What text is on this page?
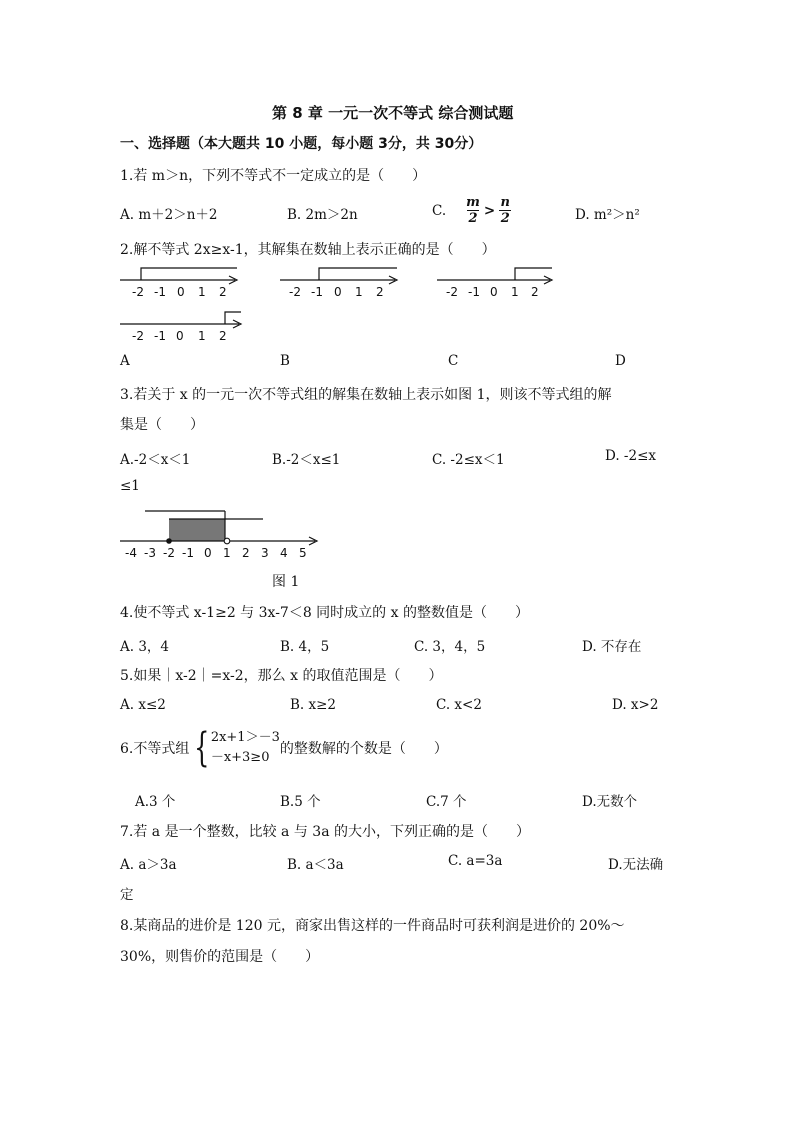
第 8 章 一元一次不等式 综合测试题
一、选择题（本大题共 10 小题，每小题 3分，共 30分）
1.若 m＞n，下列不等式不一定成立的是（　　）
A. m＋2＞n＋2	B. 2m＞2n	C. $\frac{m}{2} > \frac{n}{2}$	D. m²＞n²
2.解不等式 2x≥x-1，其解集在数轴上表示正确的是（　　）
-2 -1 0 1 2	-2 -1 0 1 2	-2 -1 0 1 2
-2 -1 0 1 2
A	B	C	D
3.若关于 x 的一元一次不等式组的解集在数轴上表示如图 1，则该不等式组的解
集是（　　）
A.-2＜x＜1	B.-2＜x≤1	C. -2≤x＜1	D. -2≤x
≤1
-4 -3 -2 -1 0 1 2 3 4 5
图 1
4.使不等式 x-1≥2 与 3x-7＜8 同时成立的 x 的整数值是（　　）
A. 3，4	B. 4，5	C. 3，4，5	D. 不存在
5.如果｜x-2｜=x-2，那么 x 的取值范围是（　　）
A. x≤2	B. x≥2	C. x<2	D. x>2
6.不等式组 { 2x+1＞－3
－x+3≥0
的整数解的个数是（　　）
A.3 个	B.5 个	C.7 个	D.无数个
7.若 a 是一个整数，比较 a 与 3a 的大小，下列正确的是（　　）
A. a＞3a	B. a＜3a	C. a=3a	D.无法确
定
8.某商品的进价是 120 元，商家出售这样的一件商品时可获利润是进价的 20%～
30%，则售价的范围是（　　）
